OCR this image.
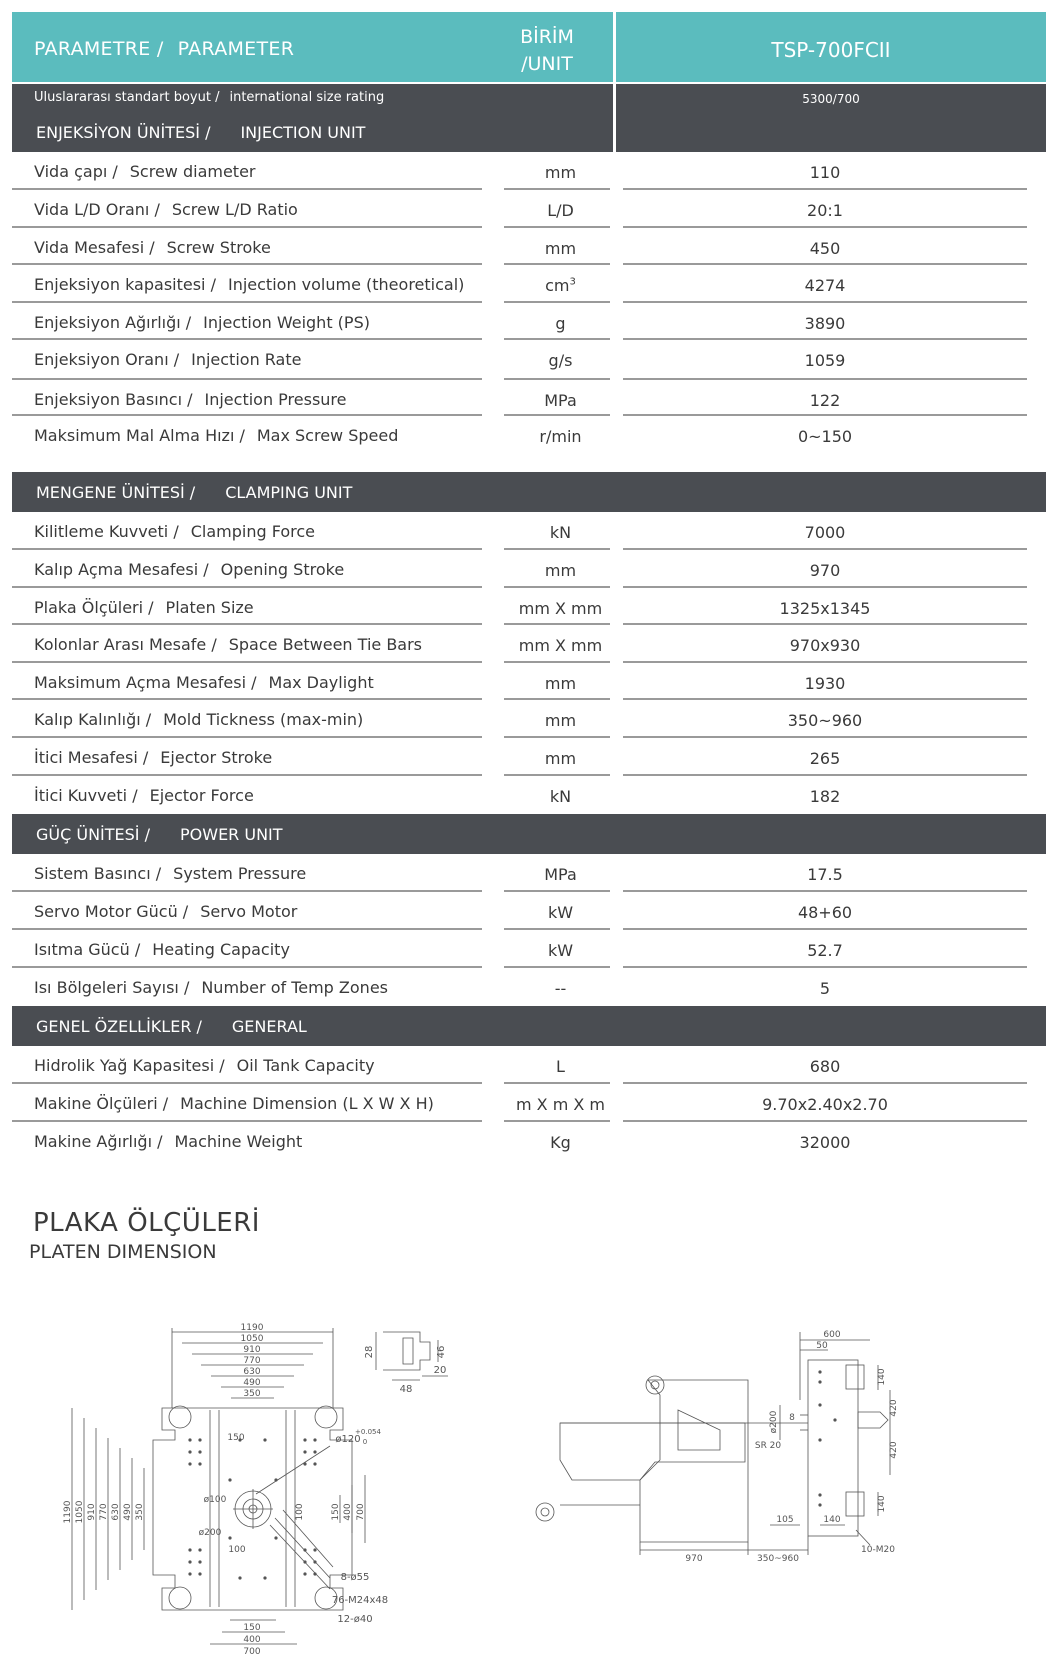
PARAMETRE / PARAMETER
BİRİM
/UNIT
TSP-700FCII
Uluslararası standart boyut / international size rating	5300/700
ENJEKSİYON ÜNİTESİ / INJECTION UNIT
Vida çapı / Screw diameter	mm	110
Vida L/D Oranı / Screw L/D Ratio	L/D	20:1
Vida Mesafesi / Screw Stroke	mm	450
Enjeksiyon kapasitesi / Injection volume (theoretical)	$cm^3$	4274
Enjeksiyon Ağırlığı / Injection Weight (PS)	g	3890
Enjeksiyon Oranı / Injection Rate	g/s	1059
Enjeksiyon Basıncı / Injection Pressure	MPa	122
Maksimum Mal Alma Hızı / Max Screw Speed	r/min	0~150
MENGENE ÜNİTESİ / CLAMPING UNIT
Kilitleme Kuvveti / Clamping Force	kN	7000
Kalıp Açma Mesafesi / Opening Stroke	mm	970
Plaka Ölçüleri / Platen Size	mm X mm	1325x1345
Kolonlar Arası Mesafe / Space Between Tie Bars	mm X mm	970x930
Maksimum Açma Mesafesi / Max Daylight	mm	1930
Kalıp Kalınlığı / Mold Tickness (max-min)	mm	350~960
İtici Mesafesi / Ejector Stroke	mm	265
İtici Kuvveti / Ejector Force	kN	182
GÜÇ ÜNİTESİ / POWER UNIT
Sistem Basıncı / System Pressure	MPa	17.5
Servo Motor Gücü / Servo Motor	kW	48+60
Isıtma Gücü / Heating Capacity	kW	52.7
Isı Bölgeleri Sayısı / Number of Temp Zones	--	5
GENEL ÖZELLİKLER / GENERAL
Hidrolik Yağ Kapasitesi / Oil Tank Capacity	L	680
Makine Ölçüleri / Machine Dimension (L X W X H)	m X m X m	9.70x2.40x2.70
Makine Ağırlığı / Machine Weight	Kg	32000
PLAKA ÖLÇÜLERİ
PLATEN DIMENSION
1190
1050
910
770
630
490
350
1190 1050 910 770 630 490 350
150
400
700
ø120
+0.054
0
ø100
ø200
150
100
100	150 400 700
8-ø55
76-M24x48
12-ø40
28	46
20
48
600
50
ø200 8
SR 20
105	140
970	350~960
10-M20
140
420
420
140
